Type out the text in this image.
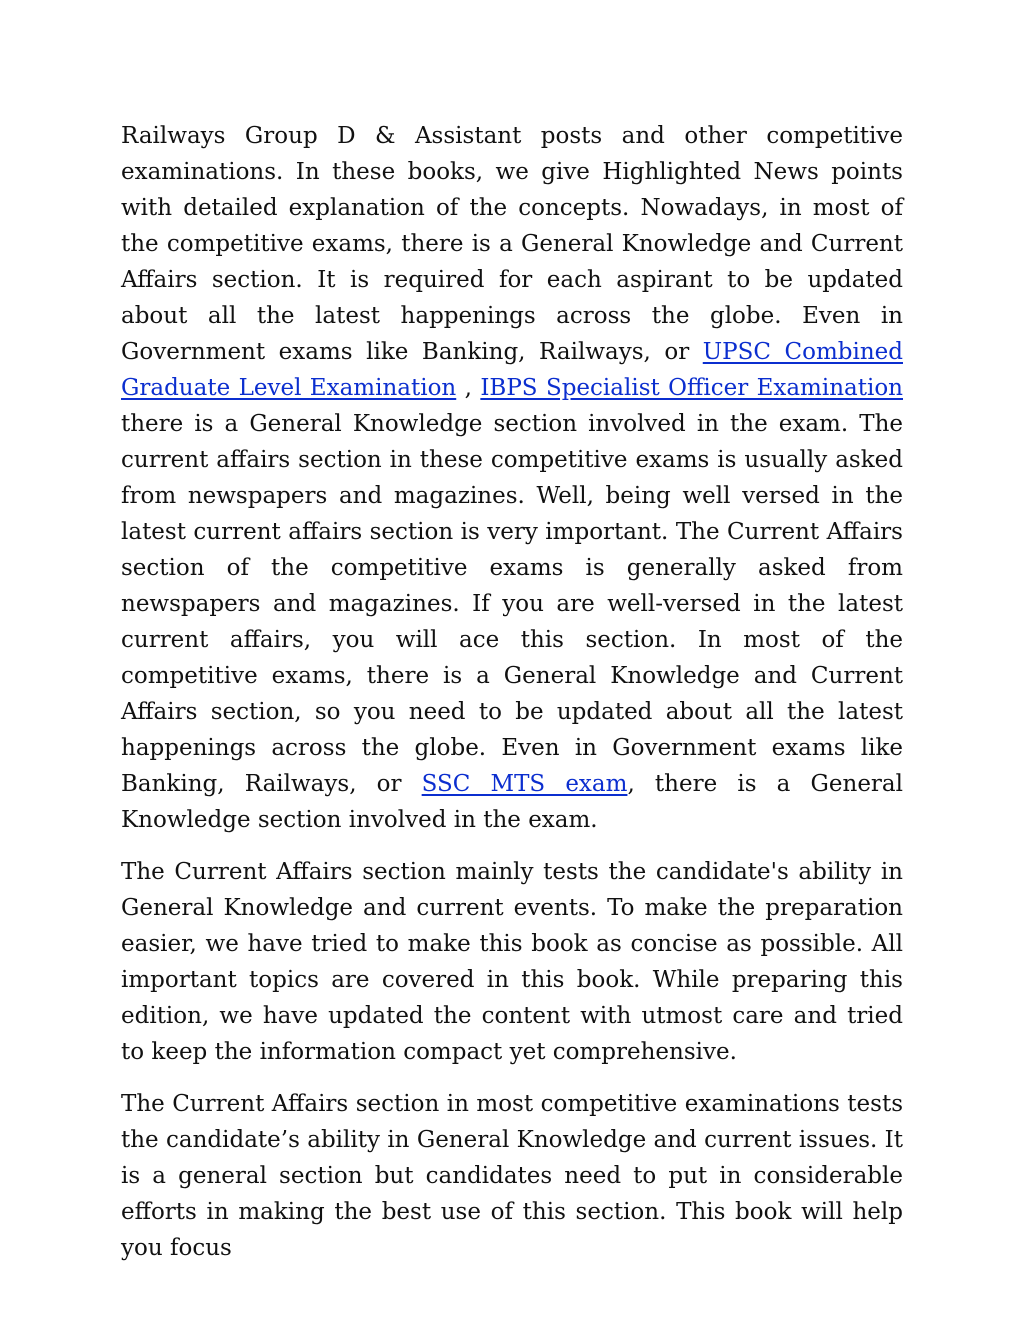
Railways Group D & Assistant posts and other competitive examinations. In these books, we give Highlighted News points with detailed explanation of the concepts. Nowadays, in most of the competitive exams, there is a General Knowledge and Current Affairs section. It is required for each aspirant to be updated about all the latest happenings across the globe. Even in Government exams like Banking, Railways, or UPSC Combined Graduate Level Examination , IBPS Specialist Officer Examination there is a General Knowledge section involved in the exam. The current affairs section in these competitive exams is usually asked from newspapers and magazines. Well, being well versed in the latest current affairs section is very important. The Current Affairs section of the competitive exams is generally asked from newspapers and magazines. If you are well-versed in the latest current affairs, you will ace this section. In most of the competitive exams, there is a General Knowledge and Current Affairs section, so you need to be updated about all the latest happenings across the globe. Even in Government exams like Banking, Railways, or SSC MTS exam, there is a General Knowledge section involved in the exam.

The Current Affairs section mainly tests the candidate's ability in General Knowledge and current events. To make the preparation easier, we have tried to make this book as concise as possible. All important topics are covered in this book. While preparing this edition, we have updated the content with utmost care and tried to keep the information compact yet comprehensive.

The Current Affairs section in most competitive examinations tests the candidate’s ability in General Knowledge and current issues. It is a general section but candidates need to put in considerable efforts in making the best use of this section. This book will help you focus
